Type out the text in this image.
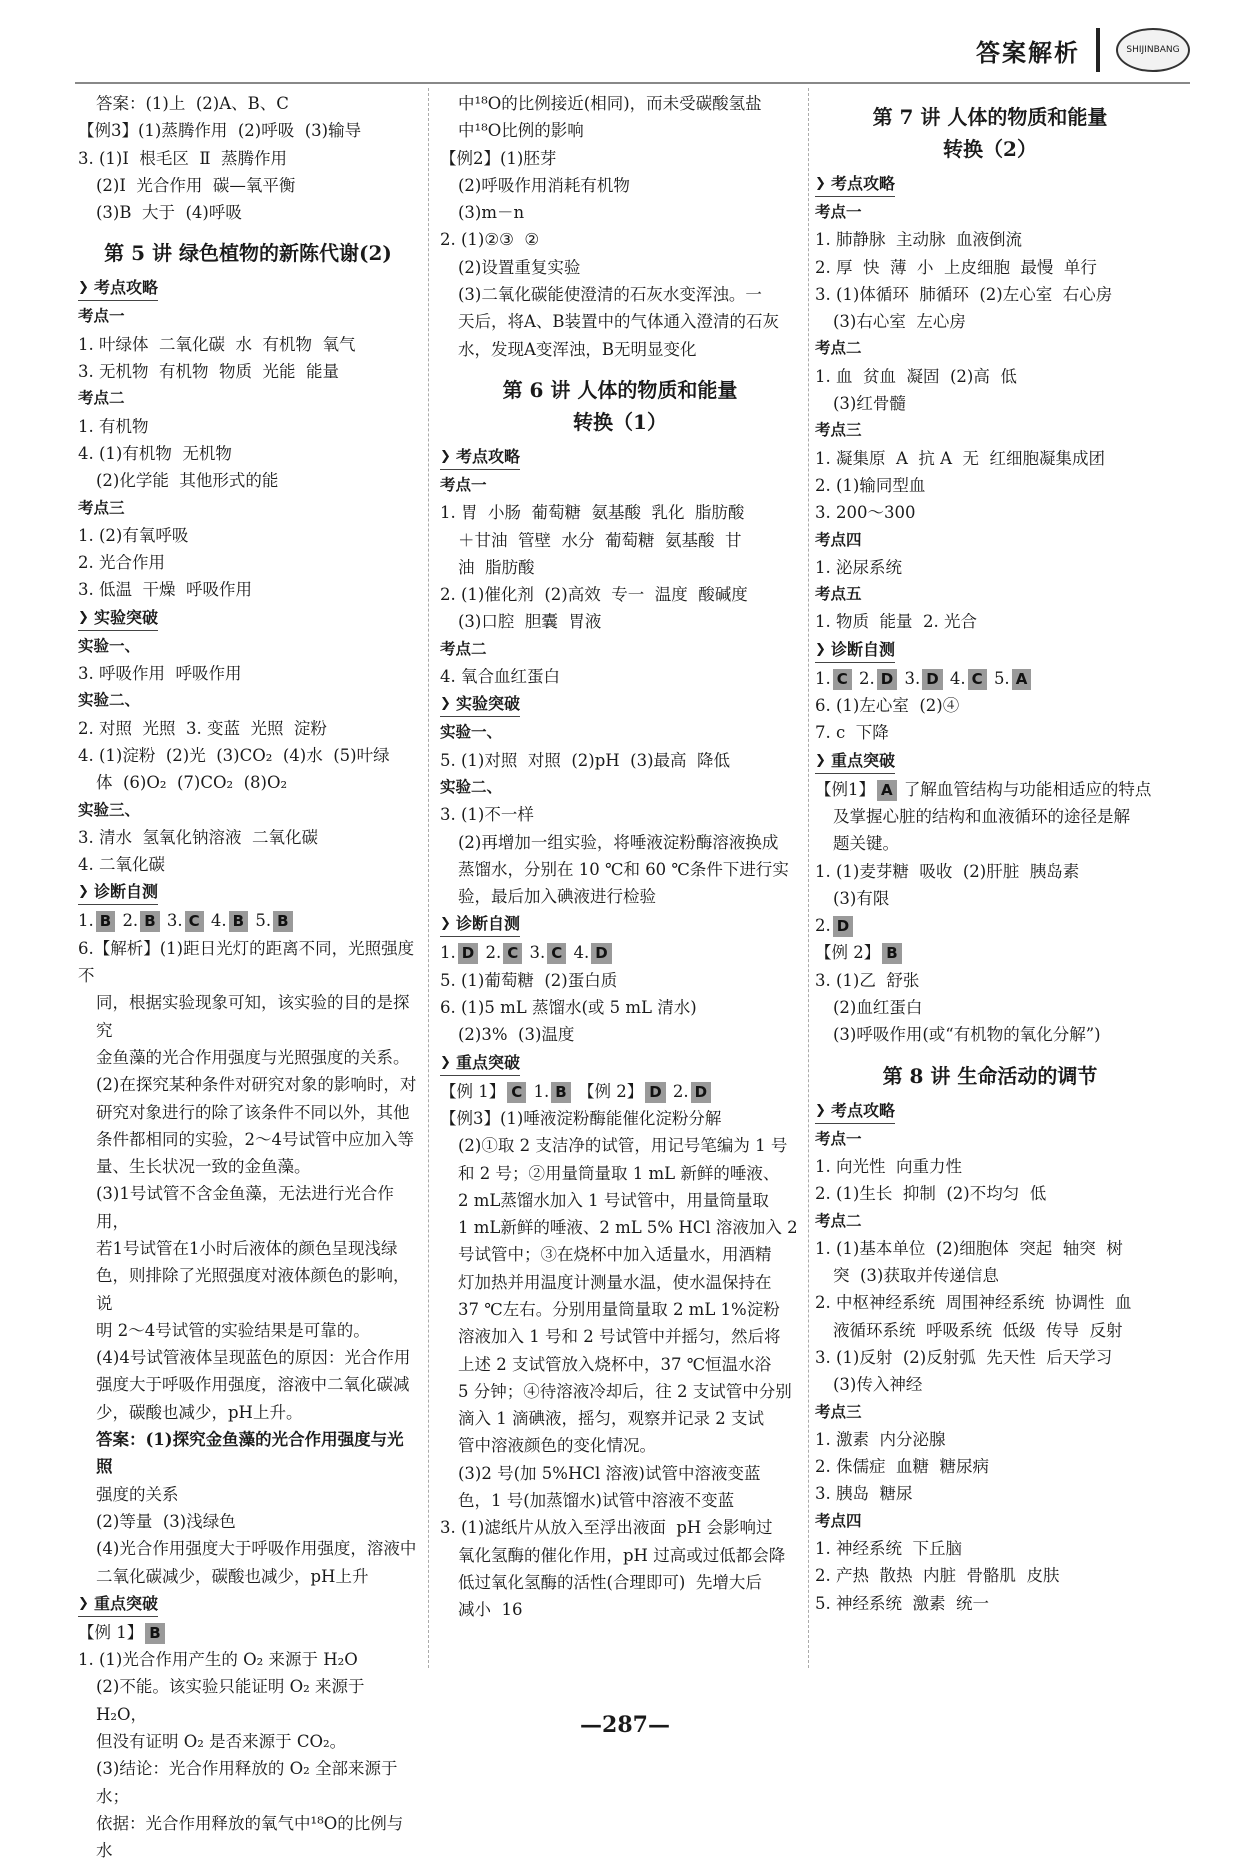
答案解析	SHIJINBANG
答案：(1)上  (2)A、B、C
【例3】(1)蒸腾作用  (2)呼吸  (3)输导
3. (1)Ⅰ  根毛区  Ⅱ  蒸腾作用
(2)Ⅰ  光合作用  碳—氧平衡
(3)B  大于  (4)呼吸
第 5 讲 绿色植物的新陈代谢(2)
❯ 考点攻略
考点一
1. 叶绿体  二氧化碳  水  有机物  氧气
3. 无机物  有机物  物质  光能  能量
考点二
1. 有机物
4. (1)有机物  无机物
(2)化学能  其他形式的能
考点三
1. (2)有氧呼吸
2. 光合作用
3. 低温  干燥  呼吸作用
❯ 实验突破
实验一、
3. 呼吸作用  呼吸作用
实验二、
2. 对照  光照  3. 变蓝  光照  淀粉
4. (1)淀粉  (2)光  (3)CO₂  (4)水  (5)叶绿
体  (6)O₂  (7)CO₂  (8)O₂
实验三、
3. 清水  氢氧化钠溶液  二氧化碳
4. 二氧化碳
❯ 诊断自测
1. B 2. B 3. C 4. B 5. B
6.【解析】(1)距日光灯的距离不同，光照强度不
同，根据实验现象可知，该实验的目的是探究
金鱼藻的光合作用强度与光照强度的关系。
(2)在探究某种条件对研究对象的影响时，对
研究对象进行的除了该条件不同以外，其他
条件都相同的实验，2～4号试管中应加入等
量、生长状况一致的金鱼藻。
(3)1号试管不含金鱼藻，无法进行光合作用，
若1号试管在1小时后液体的颜色呈现浅绿
色，则排除了光照强度对液体颜色的影响，说
明 2～4号试管的实验结果是可靠的。
(4)4号试管液体呈现蓝色的原因：光合作用
强度大于呼吸作用强度，溶液中二氧化碳减
少，碳酸也减少，pH上升。
答案：(1)探究金鱼藻的光合作用强度与光照
强度的关系
(2)等量  (3)浅绿色
(4)光合作用强度大于呼吸作用强度，溶液中
二氧化碳减少，碳酸也减少，pH上升
❯ 重点突破
【例 1】 B
1. (1)光合作用产生的 O₂ 来源于 H₂O
(2)不能。该实验只能证明 O₂ 来源于 H₂O，
但没有证明 O₂ 是否来源于 CO₂。
(3)结论：光合作用释放的 O₂ 全部来源于水；
依据：光合作用释放的氧气中¹⁸O的比例与水
中¹⁸O的比例接近(相同)，而未受碳酸氢盐
中¹⁸O比例的影响
【例2】(1)胚芽
(2)呼吸作用消耗有机物
(3)m－n
2. (1)②③  ②
(2)设置重复实验
(3)二氧化碳能使澄清的石灰水变浑浊。一
天后，将A、B装置中的气体通入澄清的石灰
水，发现A变浑浊，B无明显变化
第 6 讲 人体的物质和能量
转换（1）
❯ 考点攻略
考点一
1. 胃  小肠  葡萄糖  氨基酸  乳化  脂肪酸
＋甘油  管壁  水分  葡萄糖  氨基酸  甘
油  脂肪酸
2. (1)催化剂  (2)高效  专一  温度  酸碱度
(3)口腔  胆囊  胃液
考点二
4. 氧合血红蛋白
❯ 实验突破
实验一、
5. (1)对照  对照  (2)pH  (3)最高  降低
实验二、
3. (1)不一样
(2)再增加一组实验，将唾液淀粉酶溶液换成
蒸馏水，分别在 10 ℃和 60 ℃条件下进行实
验，最后加入碘液进行检验
❯ 诊断自测
1. D 2. C 3. C 4. D
5. (1)葡萄糖  (2)蛋白质
6. (1)5 mL 蒸馏水(或 5 mL 清水)
(2)3%  (3)温度
❯ 重点突破
【例 1】 C 1. B 【例 2】 D 2. D
【例3】(1)唾液淀粉酶能催化淀粉分解
(2)①取 2 支洁净的试管，用记号笔编为 1 号
和 2 号；②用量筒量取 1 mL 新鲜的唾液、
2 mL蒸馏水加入 1 号试管中，用量筒量取
1 mL新鲜的唾液、2 mL 5% HCl 溶液加入 2
号试管中；③在烧杯中加入适量水，用酒精
灯加热并用温度计测量水温，使水温保持在
37 ℃左右。分别用量筒量取 2 mL 1%淀粉
溶液加入 1 号和 2 号试管中并摇匀，然后将
上述 2 支试管放入烧杯中，37 ℃恒温水浴
5 分钟；④待溶液冷却后，往 2 支试管中分别
滴入 1 滴碘液，摇匀，观察并记录 2 支试
管中溶液颜色的变化情况。
(3)2 号(加 5%HCl 溶液)试管中溶液变蓝
色，1 号(加蒸馏水)试管中溶液不变蓝
3. (1)滤纸片从放入至浮出液面  pH 会影响过
氧化氢酶的催化作用，pH 过高或过低都会降
低过氧化氢酶的活性(合理即可)  先增大后
减小  16
第 7 讲 人体的物质和能量
转换（2）
❯ 考点攻略
考点一
1. 肺静脉  主动脉  血液倒流
2. 厚  快  薄  小  上皮细胞  最慢  单行
3. (1)体循环  肺循环  (2)左心室  右心房
(3)右心室  左心房
考点二
1. 血  贫血  凝固  (2)高  低
(3)红骨髓
考点三
1. 凝集原  A  抗 A  无  红细胞凝集成团
2. (1)输同型血
3. 200～300
考点四
1. 泌尿系统
考点五
1. 物质  能量  2. 光合
❯ 诊断自测
1. C 2. D 3. D 4. C 5. A
6. (1)左心室  (2)④
7. c  下降
❯ 重点突破
【例1】 A 了解血管结构与功能相适应的特点
及掌握心脏的结构和血液循环的途径是解
题关键。
1. (1)麦芽糖  吸收  (2)肝脏  胰岛素
(3)有限
2. D
【例 2】 B
3. (1)乙  舒张
(2)血红蛋白
(3)呼吸作用(或“有机物的氧化分解”)
第 8 讲 生命活动的调节
❯ 考点攻略
考点一
1. 向光性  向重力性
2. (1)生长  抑制  (2)不均匀  低
考点二
1. (1)基本单位  (2)细胞体  突起  轴突  树
突  (3)获取并传递信息
2. 中枢神经系统  周围神经系统  协调性  血
液循环系统  呼吸系统  低级  传导  反射
3. (1)反射  (2)反射弧  先天性  后天学习
(3)传入神经
考点三
1. 激素  内分泌腺
2. 侏儒症  血糖  糖尿病
3. 胰岛  糖尿
考点四
1. 神经系统  下丘脑
2. 产热  散热  内脏  骨骼肌  皮肤
5. 神经系统  激素  统一
—287—
